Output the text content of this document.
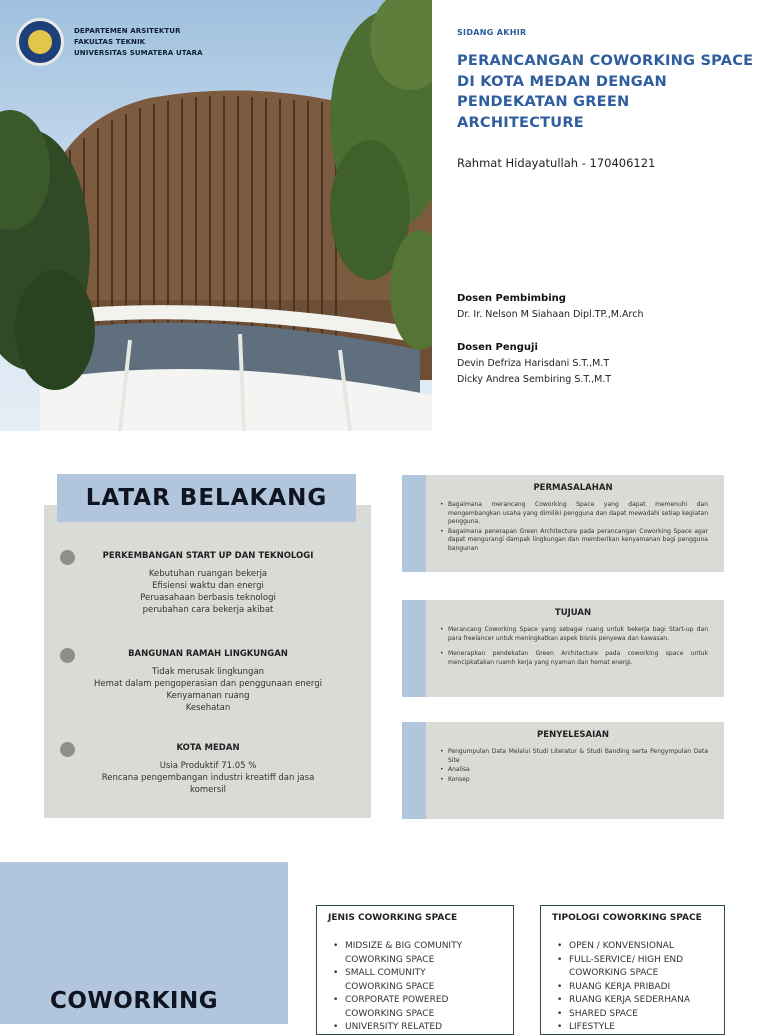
DEPARTEMEN ARSITEKTUR
FAKULTAS TEKNIK
UNIVERSITAS SUMATERA UTARA
SIDANG AKHIR
PERANCANGAN COWORKING SPACE DI KOTA MEDAN DENGAN PENDEKATAN GREEN ARCHITECTURE
Rahmat Hidayatullah - 170406121
Dosen Pembimbing
Dr. Ir. Nelson M Siahaan Dipl.TP.,M.Arch
Dosen Penguji
Devin Defriza Harisdani S.T.,M.T
Dicky Andrea Sembiring S.T.,M.T
LATAR BELAKANG
PERKEMBANGAN START UP DAN TEKNOLOGI
Kebutuhan ruangan bekerja
Efisiensi waktu dan energi
Peruasahaan berbasis teknologi
perubahan cara bekerja akibat
BANGUNAN RAMAH LINGKUNGAN
Tidak merusak lingkungan
Hemat dalam pengoperasian dan penggunaan energi
Kenyamanan ruang
Kesehatan
KOTA MEDAN
Usia Produktif 71.05 %
Rencana pengembangan industri kreatiff dan jasa komersil
PERMASALAHAN
• Bagaimana merancang Coworking Space yang dapat memenuhi dan mengembangkan usaha yang dimiliki pengguna dan dapat mewadahi setiap kegiatan pengguna.
• Bagaimana penerapan Green Architecture pada perancangan Coworking Space agar dapat mengurangi dampak lingkungan dan memberikan kenyamanan bagi pengguna bangunan
TUJUAN
• Merancang Coworking Space yang sebagai ruang untuk bekerja bagi Start-up dan para freelancer untuk meningkatkan aspek bisnis penyewa dan kawasan.
• Menerapkan pendekatan Green Architecture pada coworking space untuk mencipkatakan ruamh kerja yang nyaman dan hemat energi.
PENYELESAIAN
• Pengumpulan Data Melalui Studi Literatur & Studi Banding serta Pengympulan Data Site
• Analisa
• Konsep
COWORKING
JENIS COWORKING SPACE
• MIDSIZE & BIG COMUNITY
COWORKING SPACE
• SMALL COMUNITY
COWORKING SPACE
• CORPORATE POWERED
COWORKING SPACE
• UNIVERSITY RELATED
TIPOLOGI COWORKING SPACE
• OPEN / KONVENSIONAL
• FULL-SERVICE/ HIGH END
COWORKING SPACE
• RUANG KERJA PRIBADI
• RUANG KERJA SEDERHANA
• SHARED SPACE
• LIFESTYLE
